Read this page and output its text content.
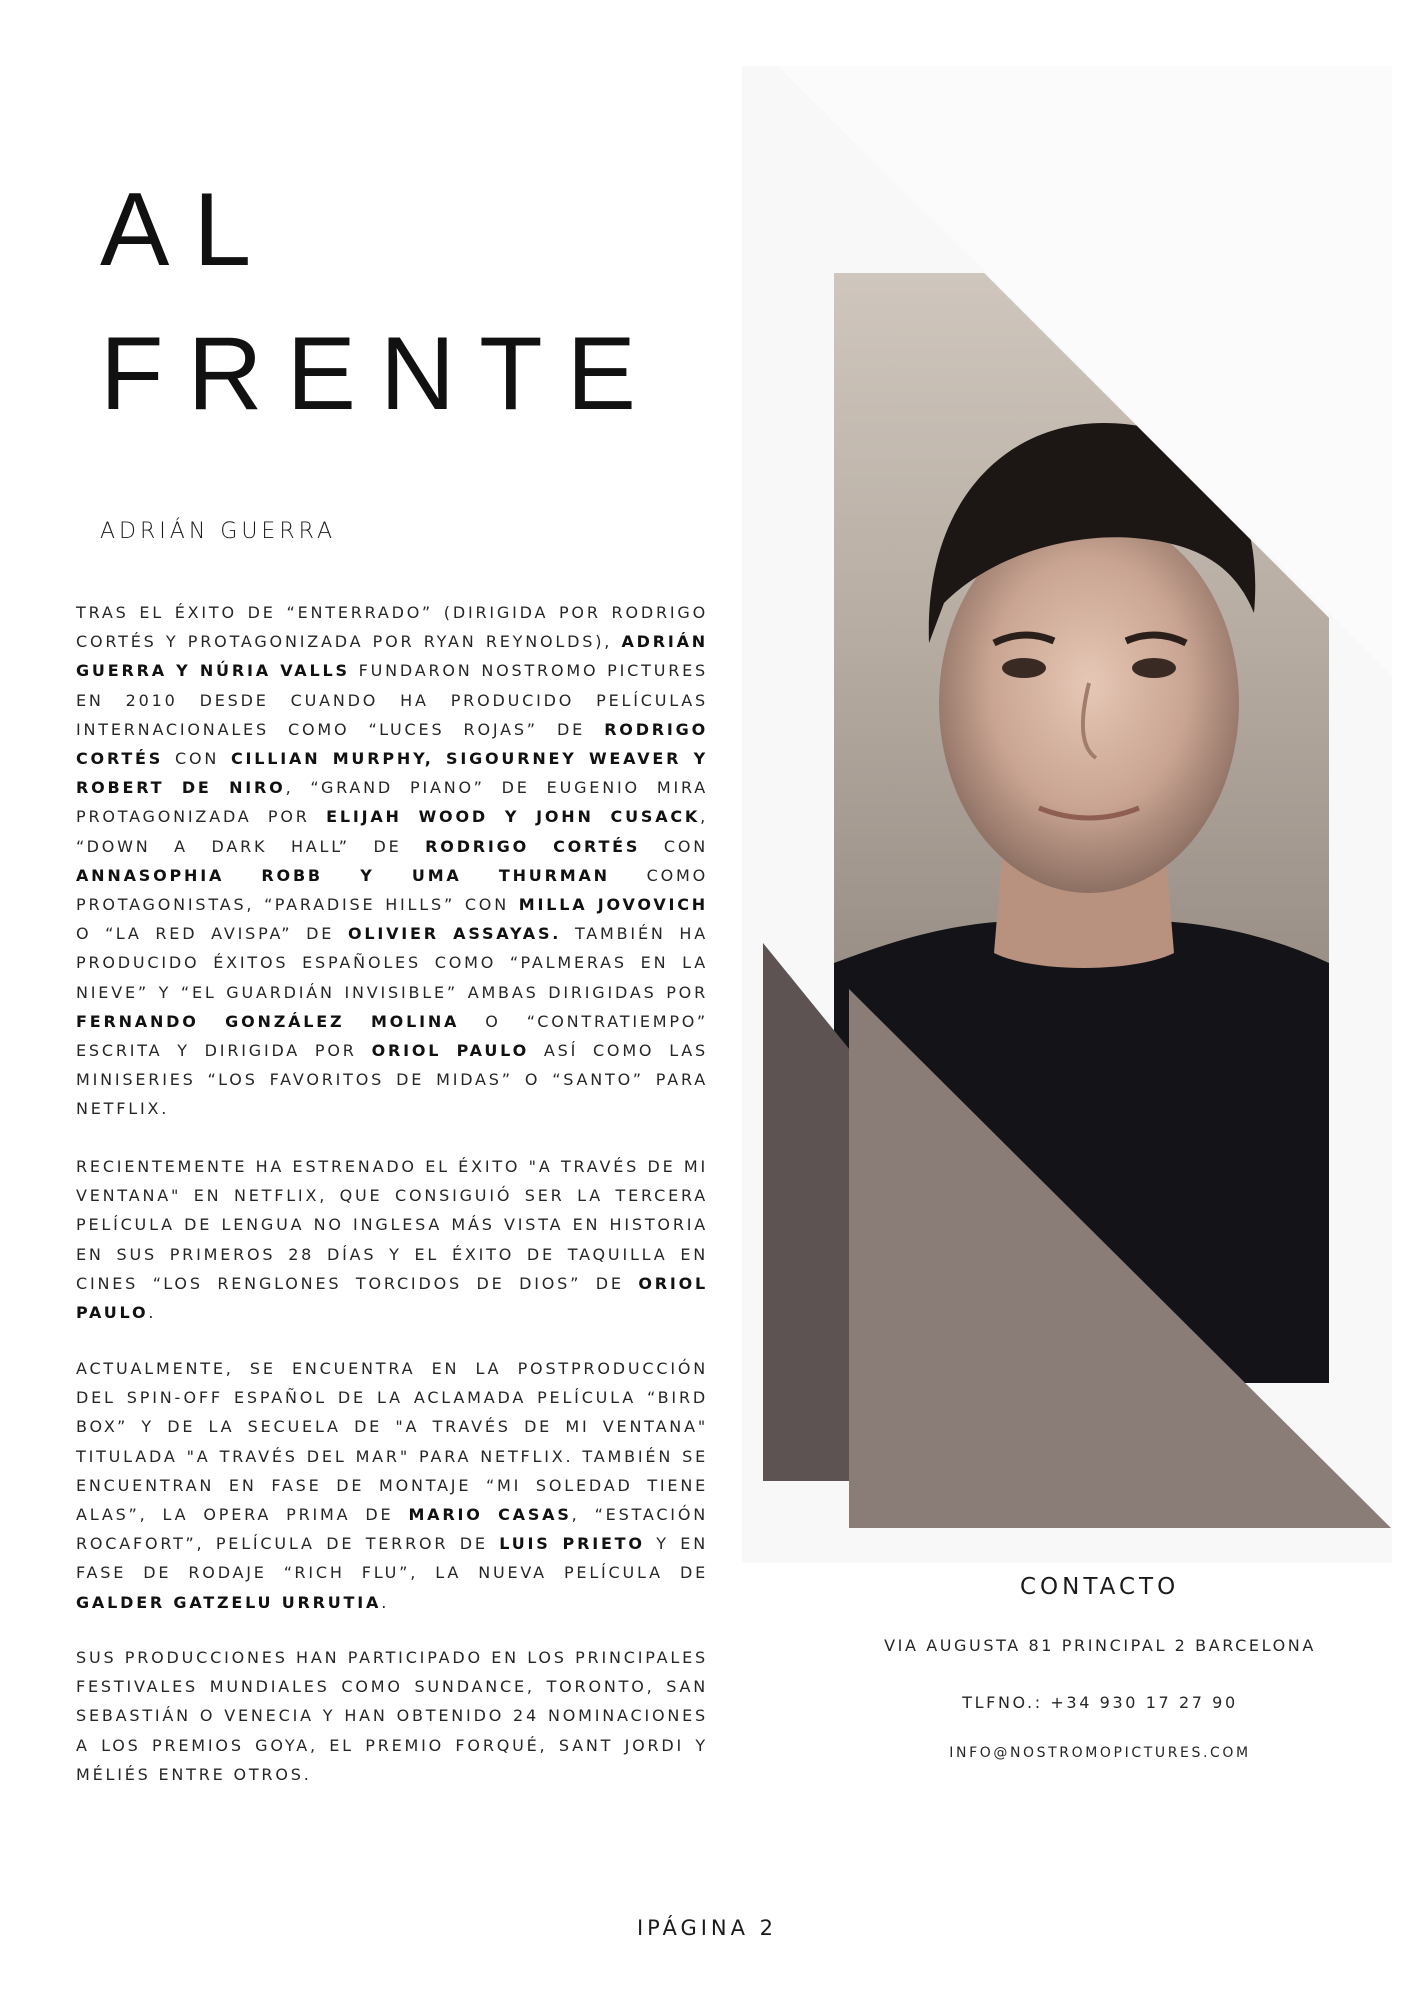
AL
FRENTE
ADRIÁN GUERRA

TRAS EL ÉXITO DE “ENTERRADO” (DIRIGIDA POR RODRIGO CORTÉS Y PROTAGONIZADA POR RYAN REYNOLDS), ADRIÁN GUERRA Y NÚRIA VALLS FUNDARON NOSTROMO PICTURES EN 2010 DESDE CUANDO HA PRODUCIDO PELÍCULAS INTERNACIONALES COMO “LUCES ROJAS” DE RODRIGO CORTÉS CON CILLIAN MURPHY, SIGOURNEY WEAVER Y ROBERT DE NIRO, “GRAND PIANO” DE EUGENIO MIRA PROTAGONIZADA POR ELIJAH WOOD Y JOHN CUSACK, “DOWN A DARK HALL” DE RODRIGO CORTÉS CON ANNASOPHIA ROBB Y UMA THURMAN COMO PROTAGONISTAS, “PARADISE HILLS” CON MILLA JOVOVICH O “LA RED AVISPA” DE OLIVIER ASSAYAS. TAMBIÉN HA PRODUCIDO ÉXITOS ESPAÑOLES COMO “PALMERAS EN LA NIEVE” Y “EL GUARDIÁN INVISIBLE” AMBAS DIRIGIDAS POR FERNANDO GONZÁLEZ MOLINA O “CONTRATIEMPO” ESCRITA Y DIRIGIDA POR ORIOL PAULO ASÍ COMO LAS MINISERIES “LOS FAVORITOS DE MIDAS” O “SANTO” PARA NETFLIX.

RECIENTEMENTE HA ESTRENADO EL ÉXITO "A TRAVÉS DE MI VENTANA" EN NETFLIX, QUE CONSIGUIÓ SER LA TERCERA PELÍCULA DE LENGUA NO INGLESA MÁS VISTA EN HISTORIA EN SUS PRIMEROS 28 DÍAS Y EL ÉXITO DE TAQUILLA EN CINES “LOS RENGLONES TORCIDOS DE DIOS” DE ORIOL PAULO.

ACTUALMENTE, SE ENCUENTRA EN LA POSTPRODUCCIÓN DEL SPIN-OFF ESPAÑOL DE LA ACLAMADA PELÍCULA “BIRD BOX” Y DE LA SECUELA DE "A TRAVÉS DE MI VENTANA" TITULADA "A TRAVÉS DEL MAR" PARA NETFLIX. TAMBIÉN SE ENCUENTRAN EN FASE DE MONTAJE “MI SOLEDAD TIENE ALAS”, LA OPERA PRIMA DE MARIO CASAS, “ESTACIÓN ROCAFORT”, PELÍCULA DE TERROR DE LUIS PRIETO Y EN FASE DE RODAJE “RICH FLU”, LA NUEVA PELÍCULA DE GALDER GATZELU URRUTIA.

SUS PRODUCCIONES HAN PARTICIPADO EN LOS PRINCIPALES FESTIVALES MUNDIALES COMO SUNDANCE, TORONTO, SAN SEBASTIÁN O VENECIA Y HAN OBTENIDO 24 NOMINACIONES A LOS PREMIOS GOYA, EL PREMIO FORQUÉ, SANT JORDI Y MÉLIÉS ENTRE OTROS.

CONTACTO
VIA AUGUSTA 81 PRINCIPAL 2 BARCELONA
TLFNO.: +34 930 17 27 90
INFO@NOSTROMOPICTURES.COM
IPÁGINA 2
